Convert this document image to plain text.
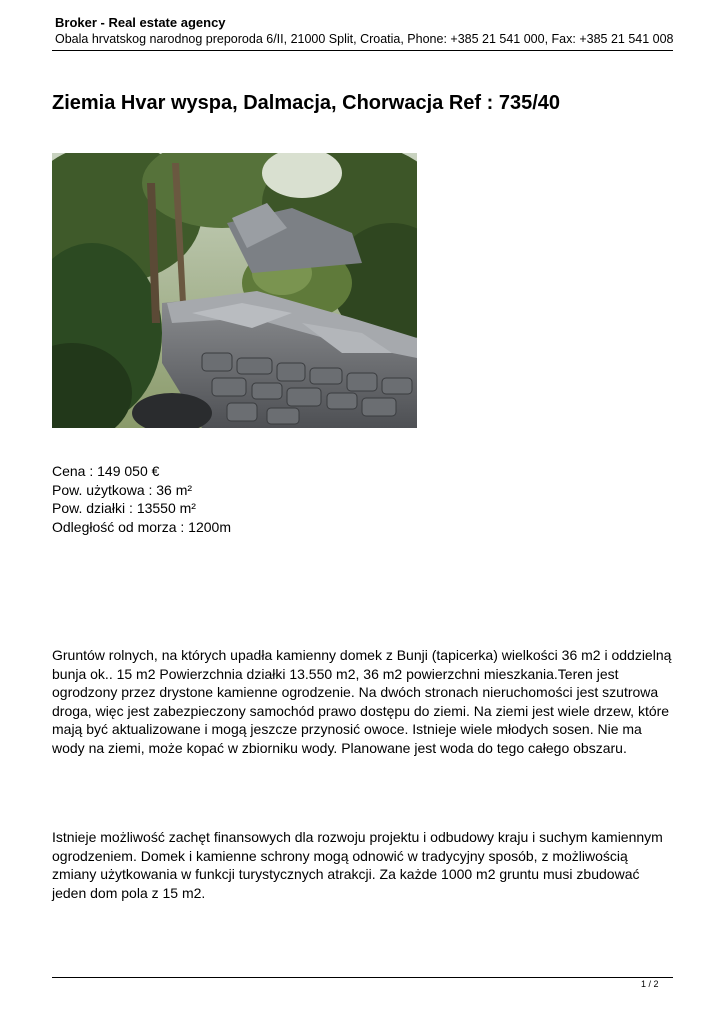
Broker - Real estate agency
Obala hrvatskog narodnog preporoda 6/II, 21000 Split, Croatia, Phone: +385 21 541 000, Fax: +385 21 541 008
Ziemia Hvar wyspa, Dalmacja, Chorwacja Ref : 735/40
Cena : 149 050 €
Pow. użytkowa : 36 m²
Pow. działki : 13550 m²
Odległość od morza : 1200m
Gruntów rolnych, na których upadła kamienny domek z Bunji (tapicerka) wielkości 36 m2 i oddzielną bunja ok.. 15 m2 Powierzchnia działki 13.550 m2, 36 m2 powierzchni mieszkania.Teren jest ogrodzony przez drystone kamienne ogrodzenie. Na dwóch stronach nieruchomości jest szutrowa droga, więc jest zabezpieczony samochód prawo dostępu do ziemi. Na ziemi jest wiele drzew, które mają być aktualizowane i mogą jeszcze przynosić owoce. Istnieje wiele młodych sosen. Nie ma wody na ziemi, może kopać w zbiorniku wody. Planowane jest woda do tego całego obszaru.
Istnieje możliwość zachęt finansowych dla rozwoju projektu i odbudowy kraju i suchym kamiennym ogrodzeniem. Domek i kamienne schrony mogą odnowić w tradycyjny sposób, z możliwością zmiany użytkowania w funkcji turystycznych atrakcji. Za każde 1000 m2 gruntu musi zbudować jeden dom pola z 15 m2.
1 / 2
